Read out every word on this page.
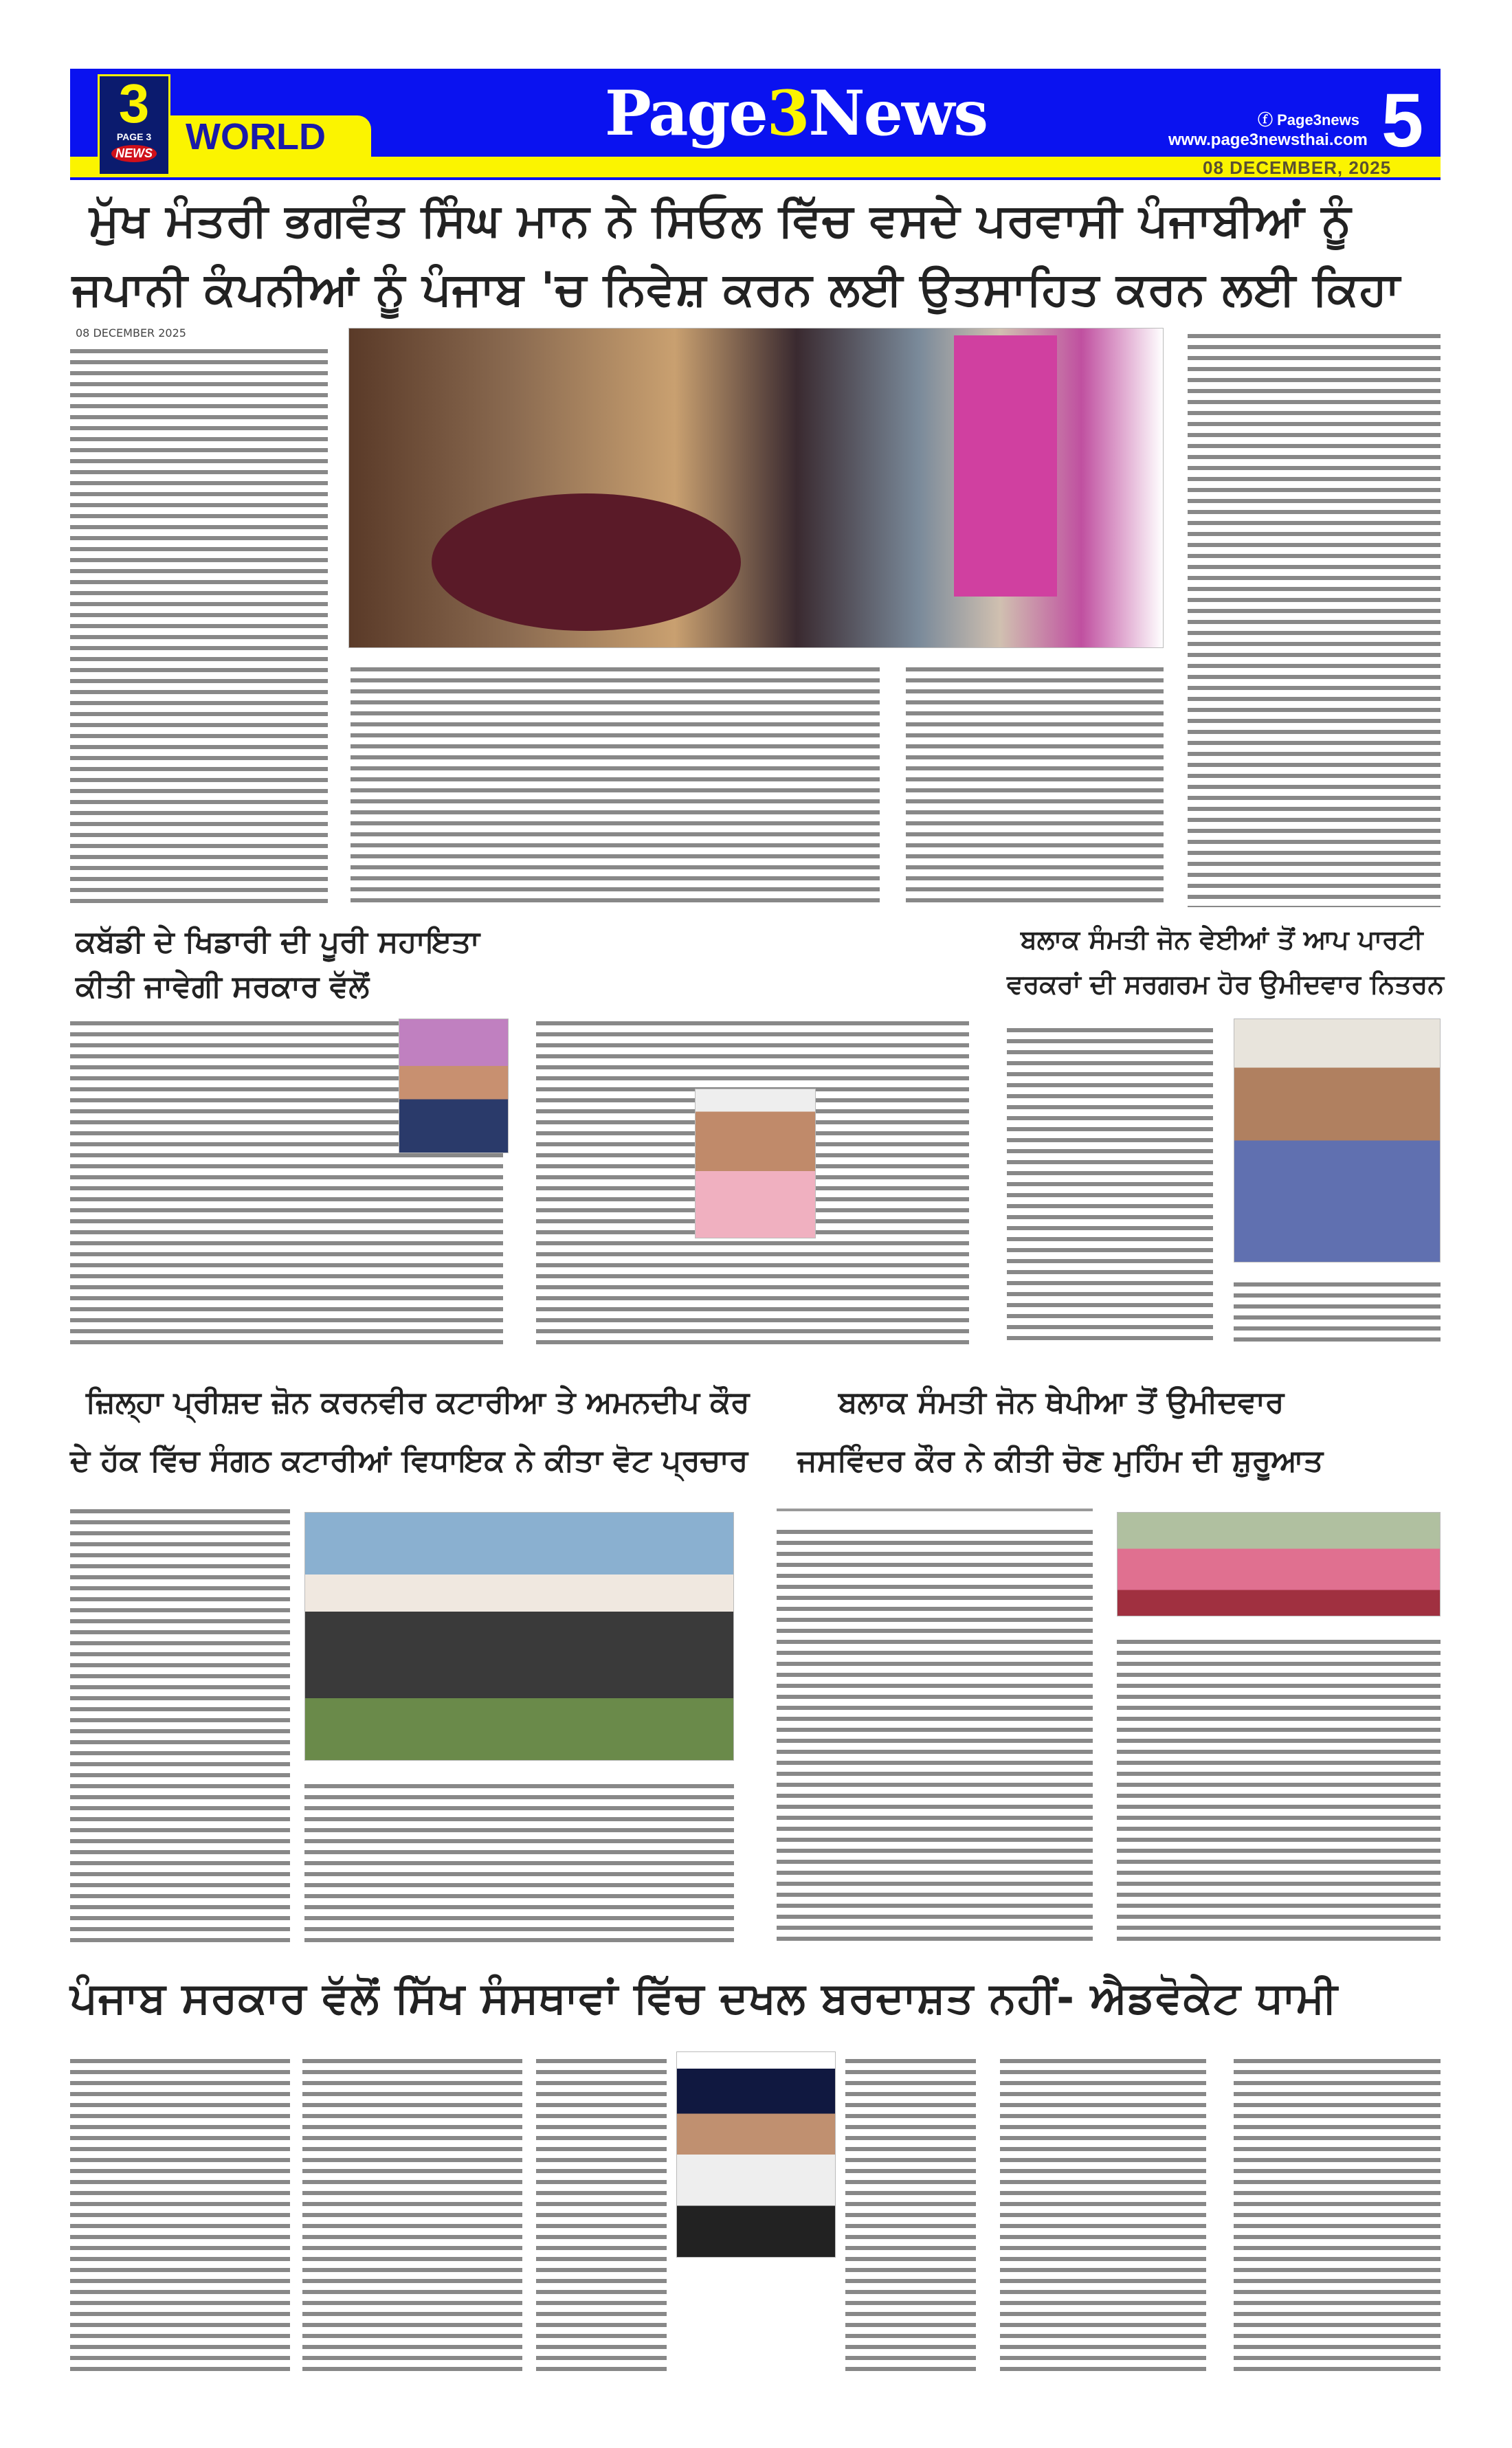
WORLD
3
PAGE 3
NEWS
Page3News	ⓕ Page3news
www.page3newsthai.com 5
08 DECEMBER, 2025
ਮੁੱਖ ਮੰਤਰੀ ਭਗਵੰਤ ਸਿੰਘ ਮਾਨ ਨੇ ਸਿਓਲ ਵਿੱਚ ਵਸਦੇ ਪਰਵਾਸੀ ਪੰਜਾਬੀਆਂ ਨੂੰ
ਜਪਾਨੀ ਕੰਪਨੀਆਂ ਨੂੰ ਪੰਜਾਬ 'ਚ ਨਿਵੇਸ਼ ਕਰਨ ਲਈ ਉਤਸਾਹਿਤ ਕਰਨ ਲਈ ਕਿਹਾ
08 DECEMBER 2025
ਕਬੱਡੀ ਦੇ ਖਿਡਾਰੀ ਦੀ ਪੂਰੀ ਸਹਾਇਤਾ
ਕੀਤੀ ਜਾਵੇਗੀ ਸਰਕਾਰ ਵੱਲੋਂ
ਬਲਾਕ ਸੰਮਤੀ ਜੋਨ ਵੇਈਆਂ ਤੋਂ ਆਪ ਪਾਰਟੀ
ਵਰਕਰਾਂ ਦੀ ਸਰਗਰਮ ਹੋਰ ਉਮੀਦਵਾਰ ਨਿਤਰਨ
ਜ਼ਿਲ੍ਹਾ ਪ੍ਰੀਸ਼ਦ ਜ਼ੋਨ ਕਰਨਵੀਰ ਕਟਾਰੀਆ ਤੇ ਅਮਨਦੀਪ ਕੌਰ
ਦੇ ਹੱਕ ਵਿੱਚ ਸੰਗਠ ਕਟਾਰੀਆਂ ਵਿਧਾਇਕ ਨੇ ਕੀਤਾ ਵੋਟ ਪ੍ਰਚਾਰ
ਬਲਾਕ ਸੰਮਤੀ ਜੋਨ ਥੇਪੀਆ ਤੋਂ ਉਮੀਦਵਾਰ
ਜਸਵਿੰਦਰ ਕੌਰ ਨੇ ਕੀਤੀ ਚੋਣ ਮੁਹਿੰਮ ਦੀ ਸ਼ੁਰੂਆਤ
ਪੰਜਾਬ ਸਰਕਾਰ ਵੱਲੋਂ ਸਿੱਖ ਸੰਸਥਾਵਾਂ ਵਿੱਚ ਦਖਲ ਬਰਦਾਸ਼ਤ ਨਹੀਂ- ਐਡਵੋਕੇਟ ਧਾਮੀ
